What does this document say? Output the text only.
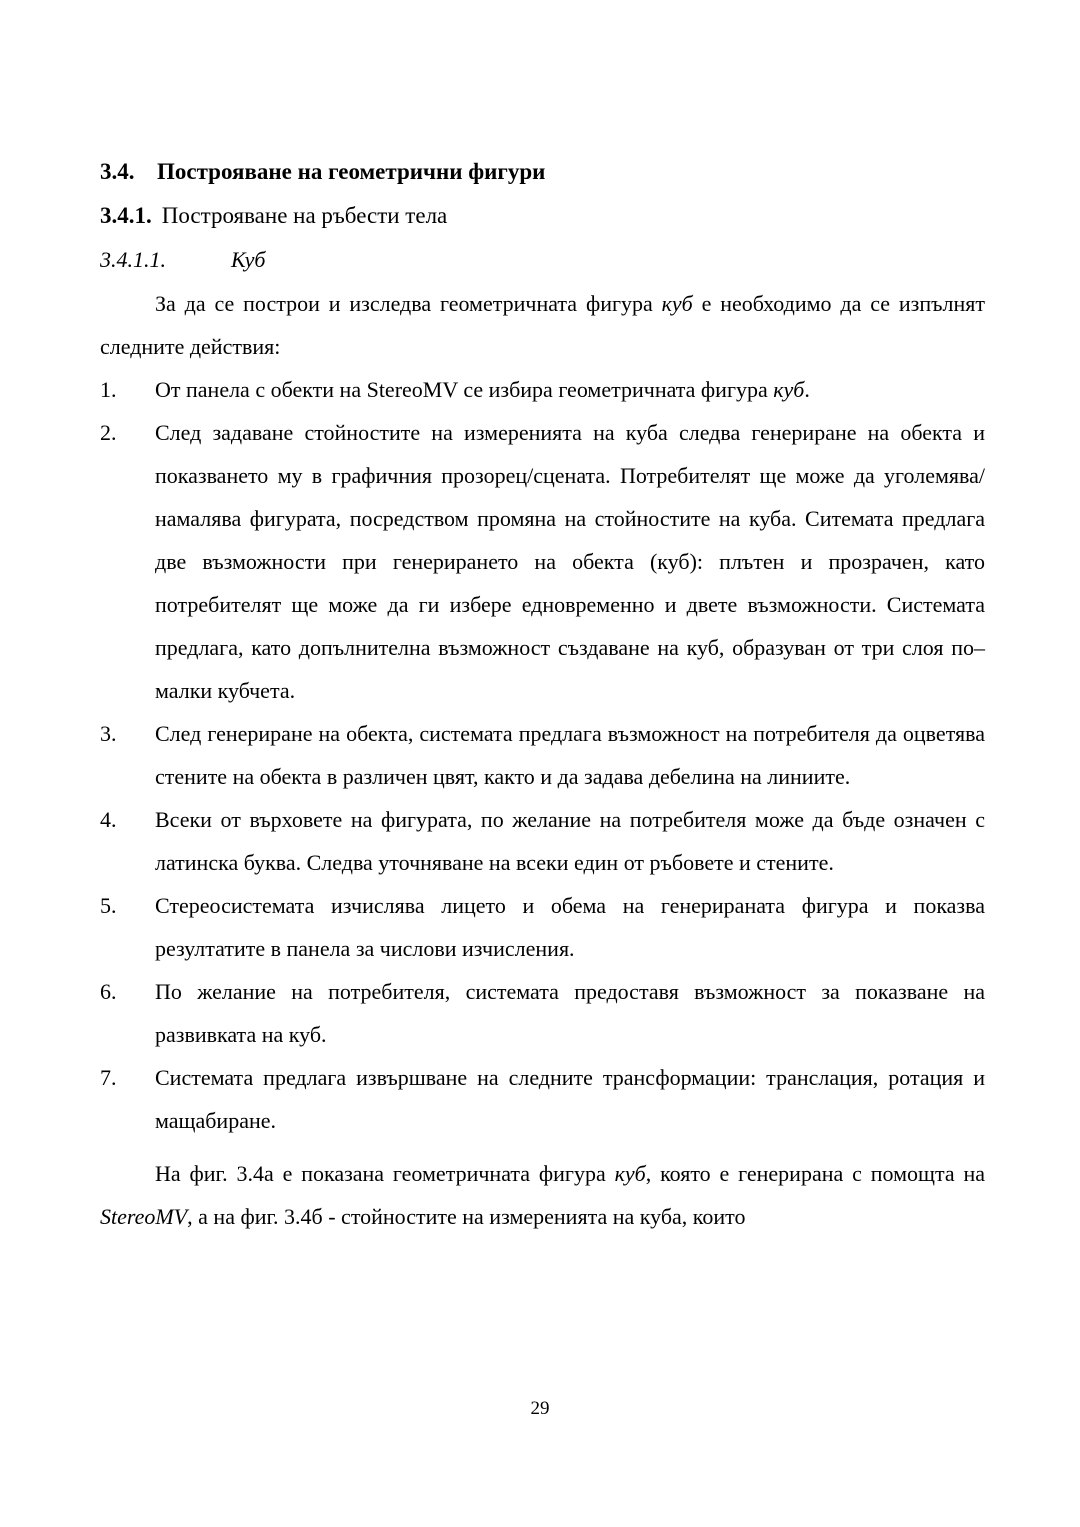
3.4. Построяване на геометрични фигури
3.4.1. Построяване на ръбести тела
3.4.1.1.	Куб
За да се построи и изследва геометричната фигура куб е необходимо да се изпълнят следните действия:
1.	От панела с обекти на StereoMV се избира геометричната фигура куб.
2.	След задаване стойностите на измеренията на куба следва генериране на обекта и показването му в графичния прозорец/сцената. Потребителят ще може да уголемява/намалява фигурата, посредством промяна на стойностите на куба. Ситемата предлага две възможности при генерирането на обекта (куб): плътен и прозрачен, като потребителят ще може да ги избере едновременно и двете възможности. Системата предлага, като допълнителна възможност създаване на куб, образуван от три слоя по–малки кубчета.
3.	След генериране на обекта, системата предлага възможност на потребителя да оцветява стените на обекта в различен цвят, както и да задава дебелина на линиите.
4.	Всеки от върховете на фигурата, по желание на потребителя може да бъде означен с латинска буква. Следва уточняване на всеки един от ръбовете и стените.
5.	Стереосистемата изчислява лицето и обема на генерираната фигура и показва резултатите в панела за числови изчисления.
6.	По желание на потребителя, системата предоставя възможност за показване на развивката на куб.
7.	Системата предлага извършване на следните трансформации: транслация, ротация и мащабиране.
На фиг. 3.4а е показана геометричната фигура куб, която е генерирана с помощта на StereoMV, а на фиг. 3.4б - стойностите на измеренията на куба, които
29
